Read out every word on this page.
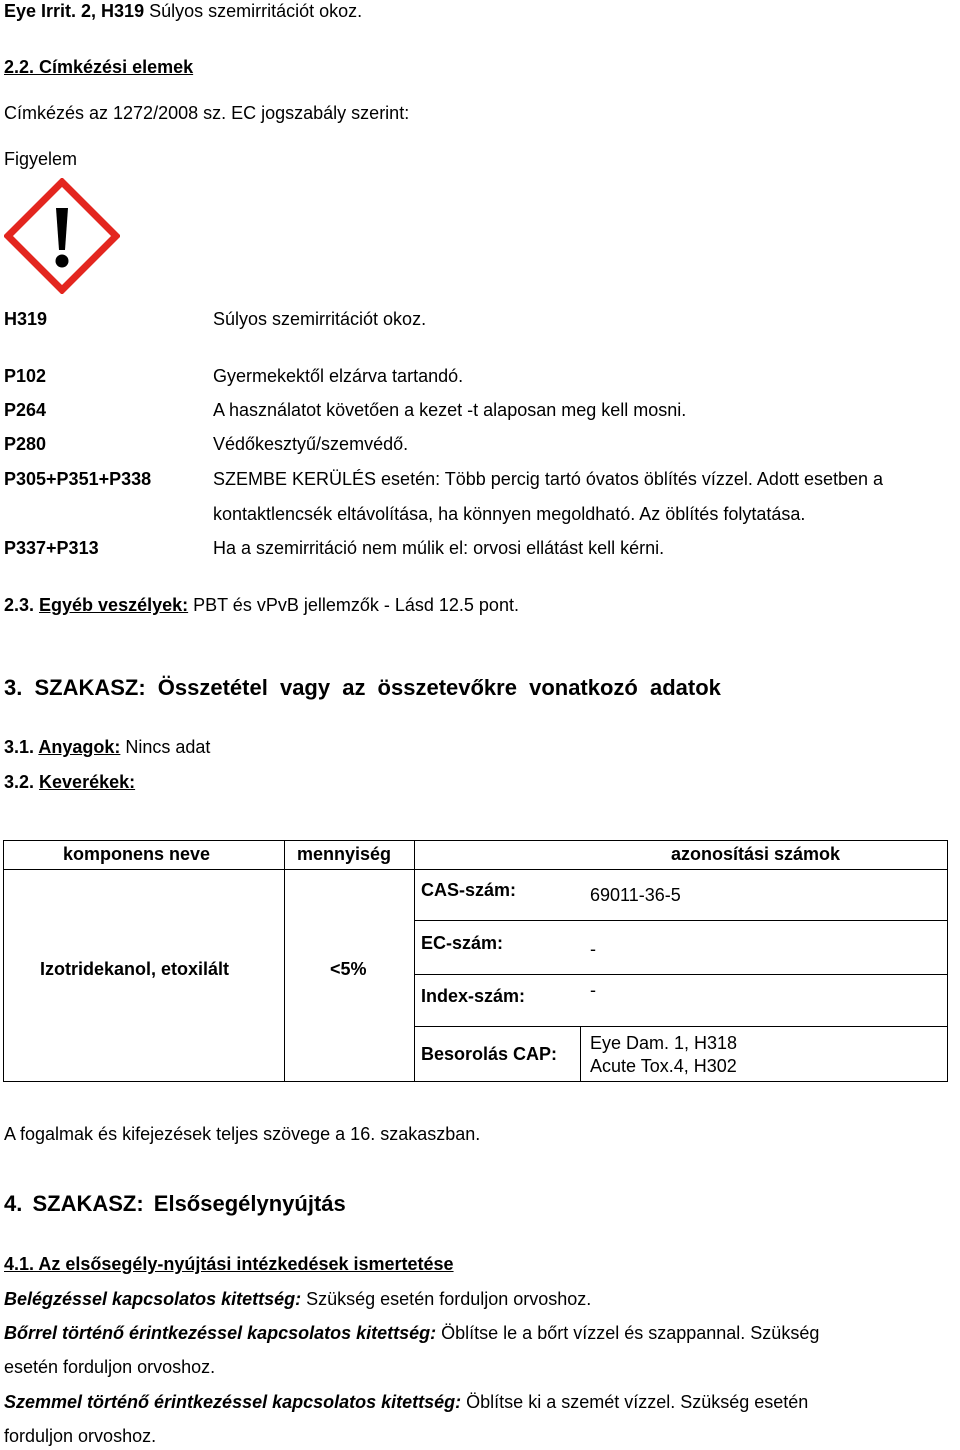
Eye Irrit. 2, H319 Súlyos szemirritációt okoz.
2.2. Címkézési elemek
Címkézés az 1272/2008 sz. EC jogszabály szerint:
Figyelem
H319	Súlyos szemirritációt okoz.
P102	Gyermekektől elzárva tartandó.
P264	A használatot követően a kezet -t alaposan meg kell mosni.
P280	Védőkesztyű/szemvédő.
P305+P351+P338	SZEMBE KERÜLÉS esetén: Több percig tartó óvatos öblítés vízzel. Adott esetben a
kontaktlencsék eltávolítása, ha könnyen megoldható. Az öblítés folytatása.
P337+P313	Ha a szemirritáció nem múlik el: orvosi ellátást kell kérni.
2.3. Egyéb veszélyek: PBT és vPvB jellemzők - Lásd 12.5 pont.
3. SZAKASZ: Összetétel vagy az összetevőkre vonatkozó adatok
3.1. Anyagok: Nincs adat
3.2. Keverékek:
komponens neve	mennyiség	azonosítási számok
Izotridekanol, etoxilált	<5%
CAS-szám:	69011-36-5
EC-szám:	-
Index-szám:	-
Besorolás CAP:
Eye Dam. 1, H318
Acute Tox.4, H302
A fogalmak és kifejezések teljes szövege a 16. szakaszban.
4. SZAKASZ: Elsősegélynyújtás
4.1. Az elsősegély-nyújtási intézkedések ismertetése
Belégzéssel kapcsolatos kitettség: Szükség esetén forduljon orvoshoz.
Bőrrel történő érintkezéssel kapcsolatos kitettség: Öblítse le a bőrt vízzel és szappannal. Szükség
esetén forduljon orvoshoz.
Szemmel történő érintkezéssel kapcsolatos kitettség: Öblítse ki a szemét vízzel. Szükség esetén
forduljon orvoshoz.
